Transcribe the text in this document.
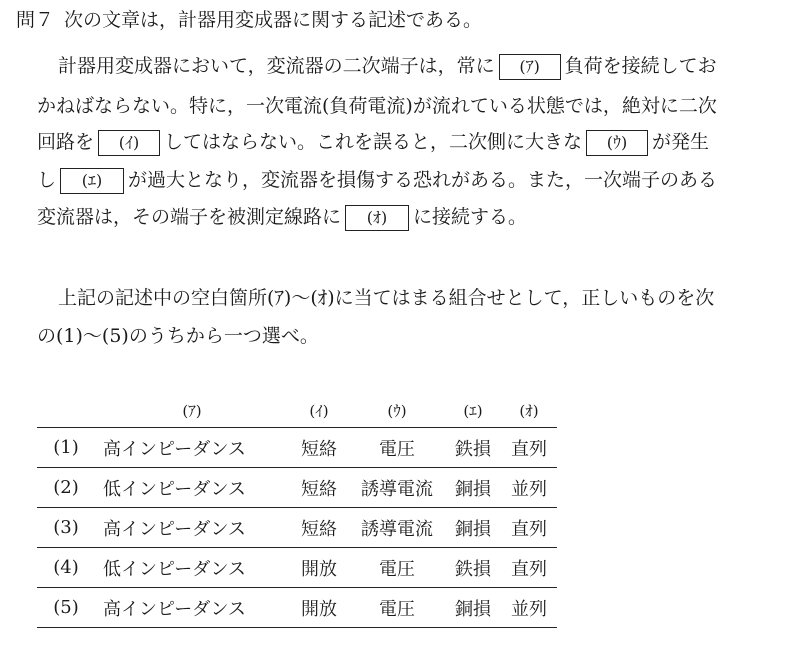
問７ 次の文章は，計器用変成器に関する記述である。
計器用変成器において，変流器の二次端子は，常に (ｱ) 負荷を接続してお
かねばならない。特に，一次電流(負荷電流)が流れている状態では，絶対に二次
回路を (ｲ) してはならない。これを誤ると，二次側に大きな (ｳ) が発生
し (ｴ) が過大となり，変流器を損傷する恐れがある。また，一次端子のある
変流器は，その端子を被測定線路に (ｵ) に接続する。
上記の記述中の空白箇所(ｱ)～(ｵ)に当てはまる組合せとして，正しいものを次
の(1)～(5)のうちから一つ選べ。
	(ｱ)	(ｲ)	(ｳ)	(ｴ)	(ｵ)
(1)	高インピーダンス	短絡	電圧	鉄損	直列
(2)	低インピーダンス	短絡	誘導電流	銅損	並列
(3)	高インピーダンス	短絡	誘導電流	銅損	直列
(4)	低インピーダンス	開放	電圧	鉄損	直列
(5)	高インピーダンス	開放	電圧	銅損	並列
